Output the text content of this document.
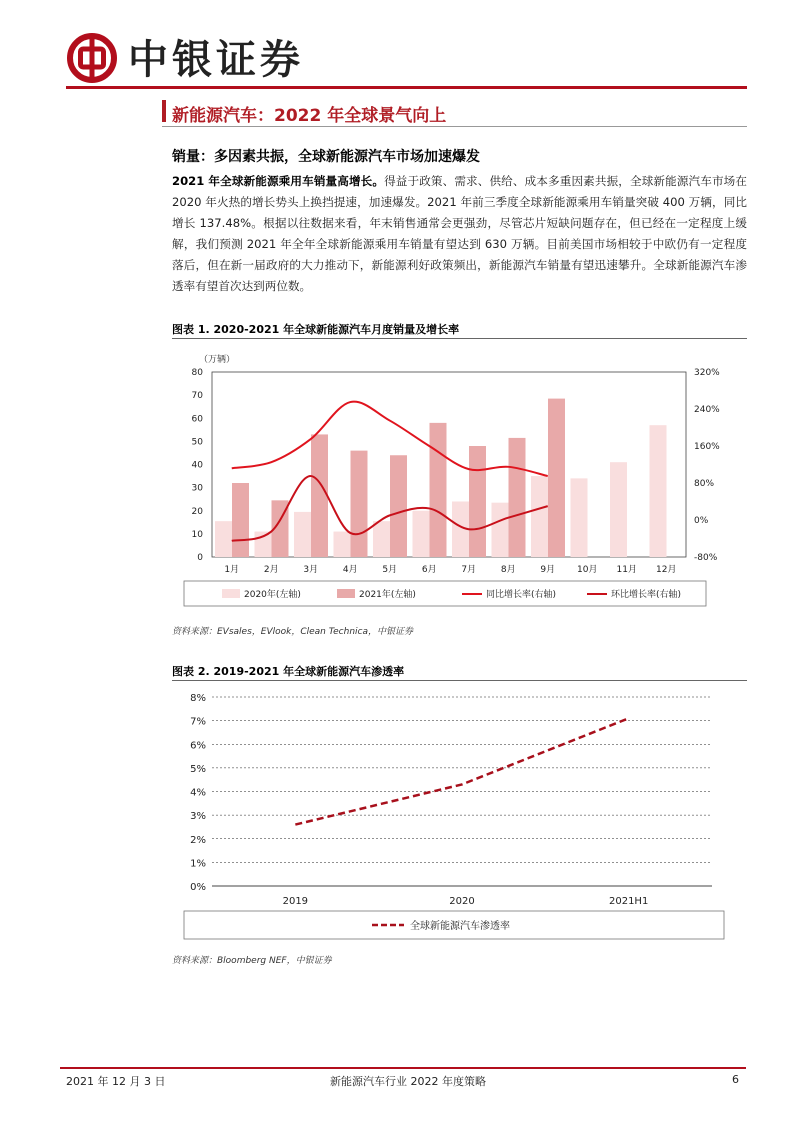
中银证券
新能源汽车：2022 年全球景气向上
销量：多因素共振，全球新能源汽车市场加速爆发
2021 年全球新能源乘用车销量高增长。得益于政策、需求、供给、成本多重因素共振，全球新能源汽车市场在 2020 年火热的增长势头上换挡提速，加速爆发。2021 年前三季度全球新能源乘用车销量突破 400 万辆，同比增长 137.48%。根据以往数据来看，年末销售通常会更强劲，尽管芯片短缺问题存在，但已经在一定程度上缓解，我们预测 2021 年全年全球新能源乘用车销量有望达到 630 万辆。目前美国市场相较于中欧仍有一定程度落后，但在新一届政府的大力推动下，新能源利好政策频出，新能源汽车销量有望迅速攀升。全球新能源汽车渗透率有望首次达到两位数。
图表 1. 2020-2021 年全球新能源汽车月度销量及增长率
（万辆）
0
10
20
30
40
50
60
70
80
-80%
0%
80%
160%
240%
320%
1月	2月	3月	4月	5月	6月	7月	8月	9月 10月 11月 12月
2020年(左轴)	2021年(左轴)	同比增长率(右轴)	环比增长率(右轴)
资料来源：EVsales，EVlook，Clean Technica，中银证券
图表 2. 2019-2021 年全球新能源汽车渗透率
0%
1%
2%
3%
4%
5%
6%
7%
8%
2019	2020	2021H1
全球新能源汽车渗透率
资料来源：Bloomberg NEF，中银证券
2021 年 12 月 3 日	新能源汽车行业 2022 年度策略	6
